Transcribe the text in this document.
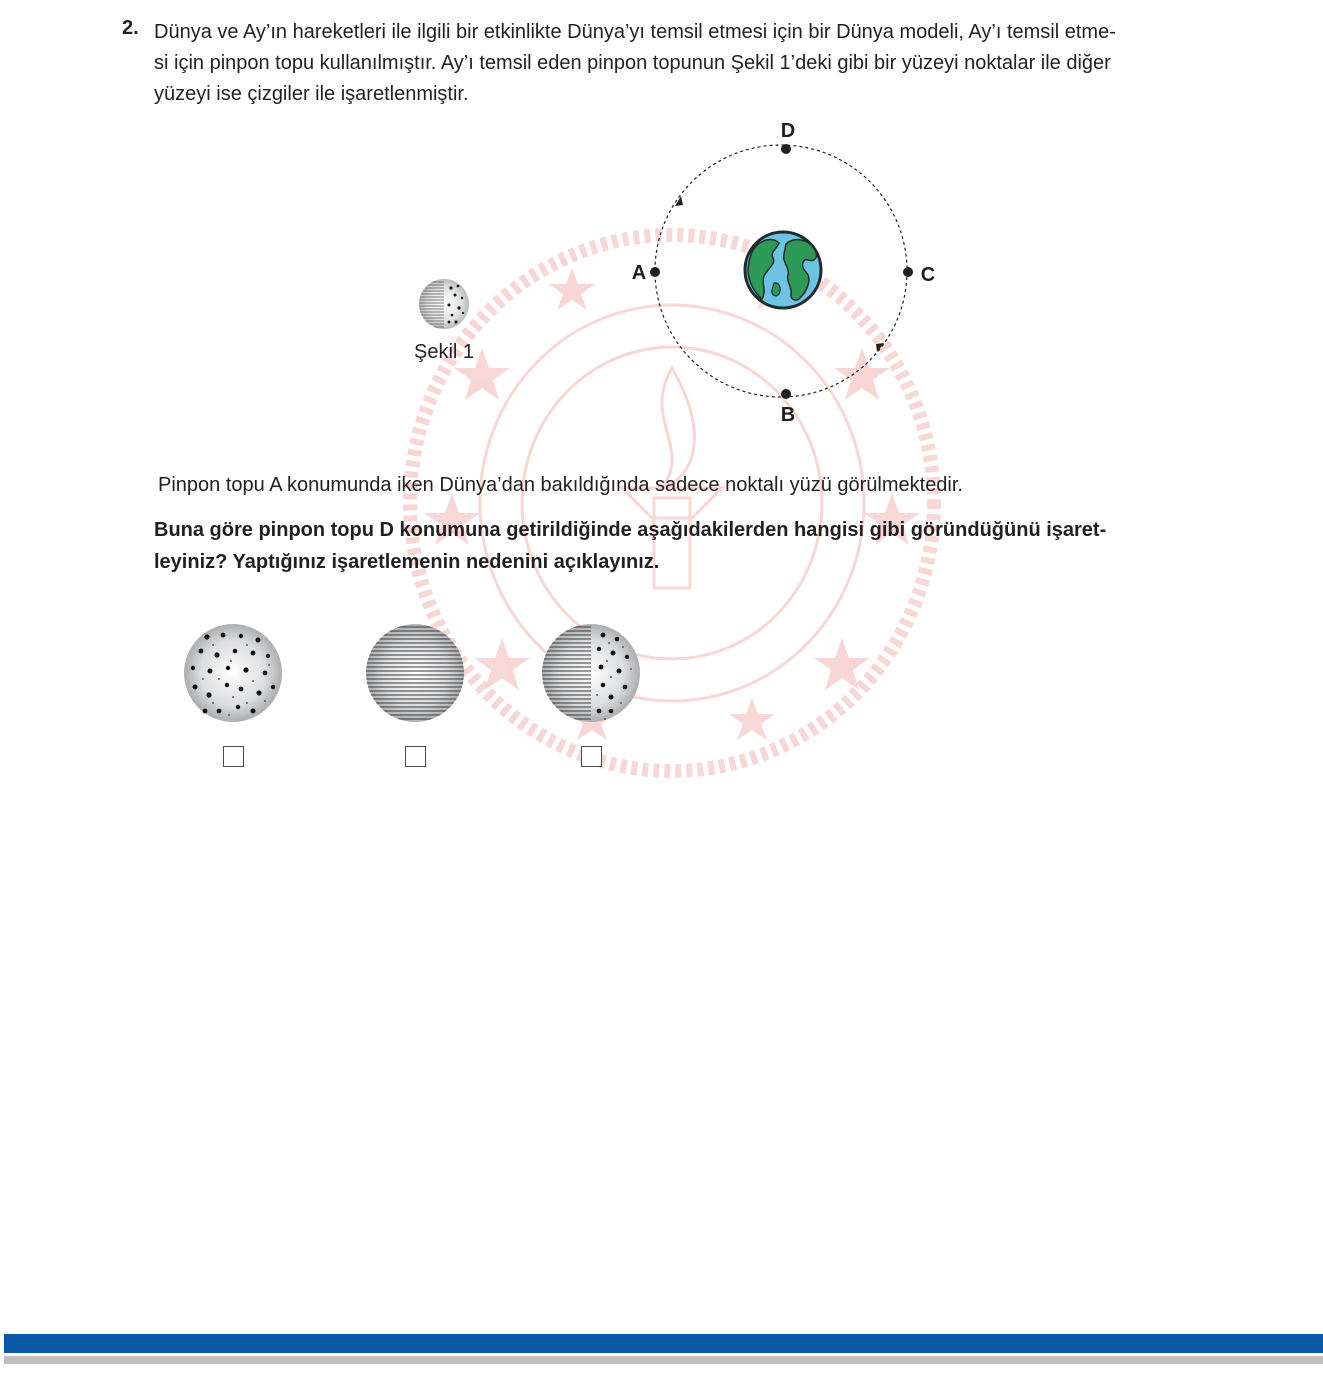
2. Dünya ve Ay’ın hareketleri ile ilgili bir etkinlikte Dünya’yı temsil etmesi için bir Dünya modeli, Ay’ı temsil etme-

si için pinpon topu kullanılmıştır. Ay’ı temsil eden pinpon topunun Şekil 1’deki gibi bir yüzeyi noktalar ile diğer

yüzeyi ise çizgiler ile işaretlenmiştir.

Şekil 1
D
A	C
B
Pinpon topu A konumunda iken Dünya’dan bakıldığında sadece noktalı yüzü görülmektedir.

Buna göre pinpon topu D konumuna getirildiğinde aşağıdakilerden hangisi gibi göründüğünü işaret-

leyiniz? Yaptığınız işaretlemenin nedenini açıklayınız.
